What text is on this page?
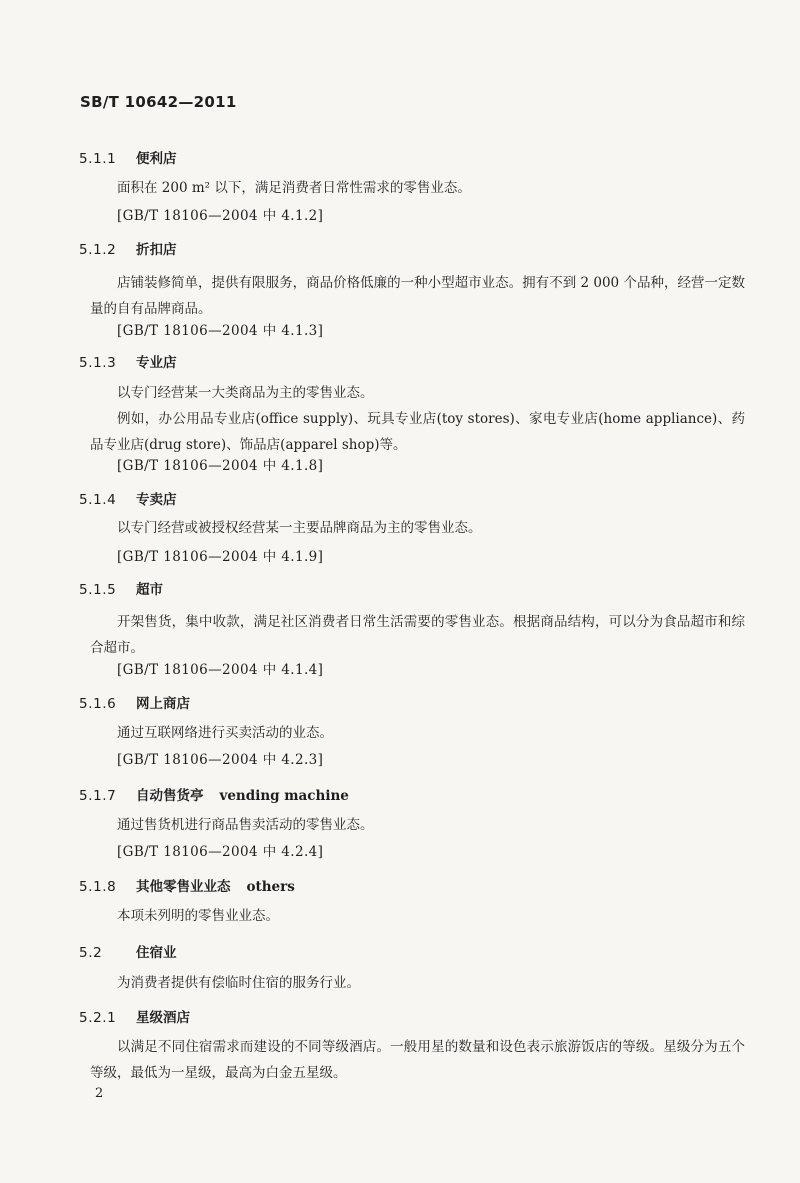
SB/T 10642—2011
5.1.1 便利店

面积在 200 m² 以下，满足消费者日常性需求的零售业态。

[GB/T 18106—2004 中 4.1.2]
5.1.2 折扣店

店铺装修简单，提供有限服务，商品价格低廉的一种小型超市业态。拥有不到 2 000 个品种，经营一定数量的自有品牌商品。

[GB/T 18106—2004 中 4.1.3]
5.1.3 专业店

以专门经营某一大类商品为主的零售业态。

例如，办公用品专业店(office supply)、玩具专业店(toy stores)、家电专业店(home appliance)、药品专业店(drug store)、饰品店(apparel shop)等。

[GB/T 18106—2004 中 4.1.8]
5.1.4 专卖店

以专门经营或被授权经营某一主要品牌商品为主的零售业态。

[GB/T 18106—2004 中 4.1.9]
5.1.5 超市

开架售货，集中收款，满足社区消费者日常生活需要的零售业态。根据商品结构，可以分为食品超市和综合超市。

[GB/T 18106—2004 中 4.1.4]
5.1.6 网上商店

通过互联网络进行买卖活动的业态。

[GB/T 18106—2004 中 4.2.3]
5.1.7 自动售货亭 vending machine

通过售货机进行商品售卖活动的零售业态。

[GB/T 18106—2004 中 4.2.4]
5.1.8 其他零售业业态 others

本项未列明的零售业业态。

5.2 住宿业

为消费者提供有偿临时住宿的服务行业。

5.2.1 星级酒店

以满足不同住宿需求而建设的不同等级酒店。一般用星的数量和设色表示旅游饭店的等级。星级分为五个等级，最低为一星级，最高为白金五星级。

2
